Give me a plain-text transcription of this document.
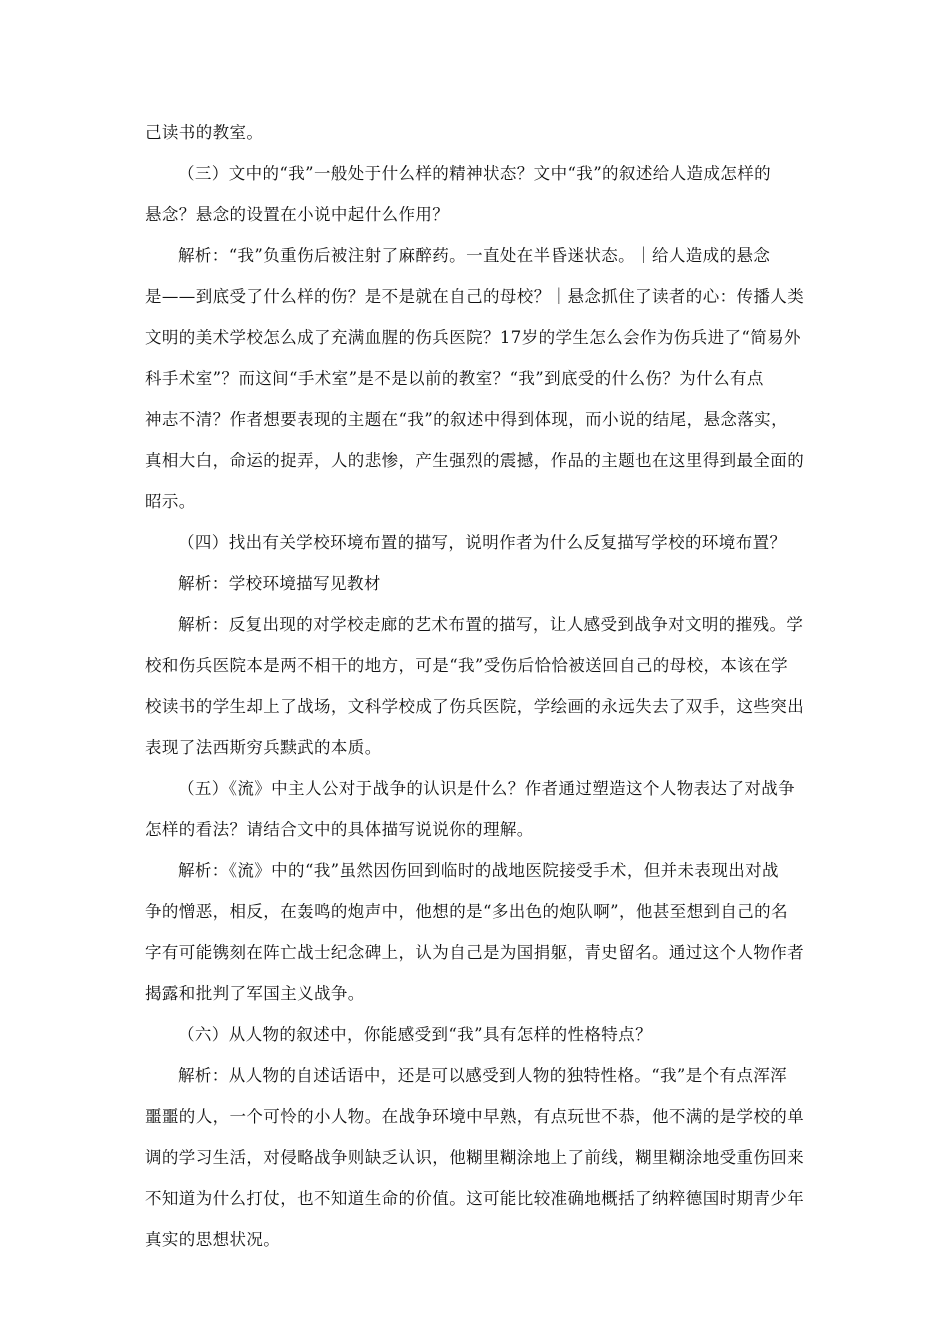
己读书的教室。
（三）文中的“我”一般处于什么样的精神状态？文中“我”的叙述给人造成怎样的
悬念？悬念的设置在小说中起什么作用？
解析：“我”负重伤后被注射了麻醉药。一直处在半昏迷状态。｜给人造成的悬念
是——到底受了什么样的伤？是不是就在自己的母校？｜悬念抓住了读者的心：传播人类
文明的美术学校怎么成了充满血腥的伤兵医院？17岁的学生怎么会作为伤兵进了“简易外
科手术室”？而这间“手术室”是不是以前的教室？“我”到底受的什么伤？为什么有点
神志不清？作者想要表现的主题在“我”的叙述中得到体现，而小说的结尾，悬念落实，
真相大白，命运的捉弄，人的悲惨，产生强烈的震撼，作品的主题也在这里得到最全面的
昭示。
（四）找出有关学校环境布置的描写，说明作者为什么反复描写学校的环境布置？
解析：学校环境描写见教材
解析：反复出现的对学校走廊的艺术布置的描写，让人感受到战争对文明的摧残。学
校和伤兵医院本是两不相干的地方，可是“我”受伤后恰恰被送回自己的母校，本该在学
校读书的学生却上了战场，文科学校成了伤兵医院，学绘画的永远失去了双手，这些突出
表现了法西斯穷兵黩武的本质。
（五）《流》中主人公对于战争的认识是什么？作者通过塑造这个人物表达了对战争
怎样的看法？请结合文中的具体描写说说你的理解。
解析：《流》中的“我”虽然因伤回到临时的战地医院接受手术，但并未表现出对战
争的憎恶，相反，在轰鸣的炮声中，他想的是“多出色的炮队啊”，他甚至想到自己的名
字有可能镌刻在阵亡战士纪念碑上，认为自己是为国捐躯，青史留名。通过这个人物作者
揭露和批判了军国主义战争。
（六）从人物的叙述中，你能感受到“我”具有怎样的性格特点？
解析：从人物的自述话语中，还是可以感受到人物的独特性格。“我”是个有点浑浑
噩噩的人，一个可怜的小人物。在战争环境中早熟，有点玩世不恭，他不满的是学校的单
调的学习生活，对侵略战争则缺乏认识，他糊里糊涂地上了前线，糊里糊涂地受重伤回来
不知道为什么打仗，也不知道生命的价值。这可能比较准确地概括了纳粹德国时期青少年
真实的思想状况。
